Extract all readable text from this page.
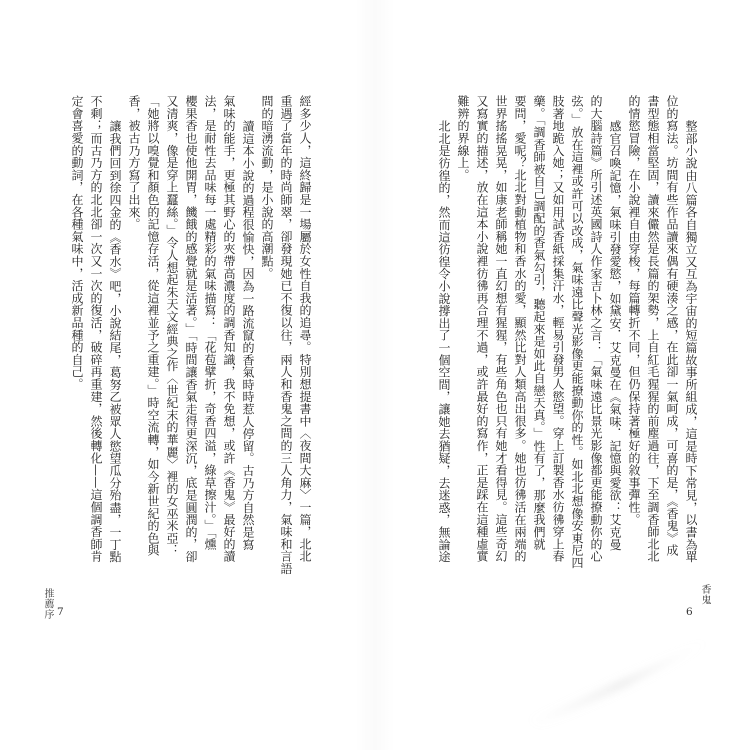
整部小說由八篇各自獨立又互為宇宙的短篇故事所組成，這是時下常見，以書為單
位的寫法。坊間有些作品讀來偶有硬湊之感，在此卻一氣呵成，可喜的是，《香鬼》成
書型態相當堅固，讀來儼然是長篇的架勢，上自紅毛猩猩的前塵過往，下至調香師北北
的情慾冒險，在小說裡自由穿梭，每篇轉折不同，但仍保持著極好的敘事彈性。
感官召喚記憶，氣味引發愛慾，如黛安．艾克曼在《氣味．記憶與愛欲：艾克曼
的大腦詩篇》所引述英國詩人作家吉卜林之言：「氣味遠比景光影像都更能撩動你的心
弦。」放在這裡或許可以改成，氣味遠比聲光影像更能撩動你的性。如北北想像安東尼四
肢著地跪入她；又如用試香紙採集汗水，輕易引發男人慾望。穿上訂製香水彷彿穿上春
藥。「調香師被自己調配的香氣勾引，聽起來是如此自戀天真。」性有了，那麼我們就
要問，愛呢？北北對動植物和香水的愛，顯然比對人類高出很多。她也彷彿活在兩端的
世界搖搖晃晃，如康老師稱她一直幻想有猩猩，有些角色也只有她才看得見。這些奇幻
又寫實的描述，放在這本小說裡彷彿再合理不過，或許最好的寫作，正是踩在這種虛實
難辨的界線上。
北北是彷徨的，然而這彷徨令小說撐出了一個空間，讓她去猶疑，去迷惑，無論途
經多少人，這終歸是一場屬於女性自我的追尋。特別想提書中〈夜間大麻〉一篇，北北
重遇了當年的時尚師翠，卻發現她已不復以往，兩人和香鬼之間的三人角力，氣味和言語
間的暗湧流動，是小說的高潮點。
讀這本小說的過程很愉快，因為一路流竄的香氣時時惹人停留。古乃方自然是寫
氣味的能手，更極其野心的夾帶高濃度的調香知識，我不免想，或許《香鬼》最好的讀
法，是耐性去品味每一處精彩的氣味描寫：「花苞擘折，奇香四溢，綠草擦汁。」「燻
櫻果香也使他開胃，饑餓的感覺就是活著。」「時間讓香氣走得更深沉，底是圓潤的，卻
又清爽，像是穿上蠶絲。」令人想起朱天文經典之作〈世紀末的華麗〉裡的女巫米亞：
「她將以嗅覺和顏色的記憶存活，從這裡並予之重建。」時空流轉，如今新世紀的色與
香，被古乃方寫了出來。
讓我們回到徐四金的《香水》吧，小說結尾，葛努乙被眾人慾望瓜分殆盡，一丁點
不剩；而古乃方的北北卻一次又一次的復活，破碎再重建，然後轉化——這個調香師肯
定會喜愛的動詞，在各種氣味中，活成新品種的自己。
香鬼
6
推薦序 7
